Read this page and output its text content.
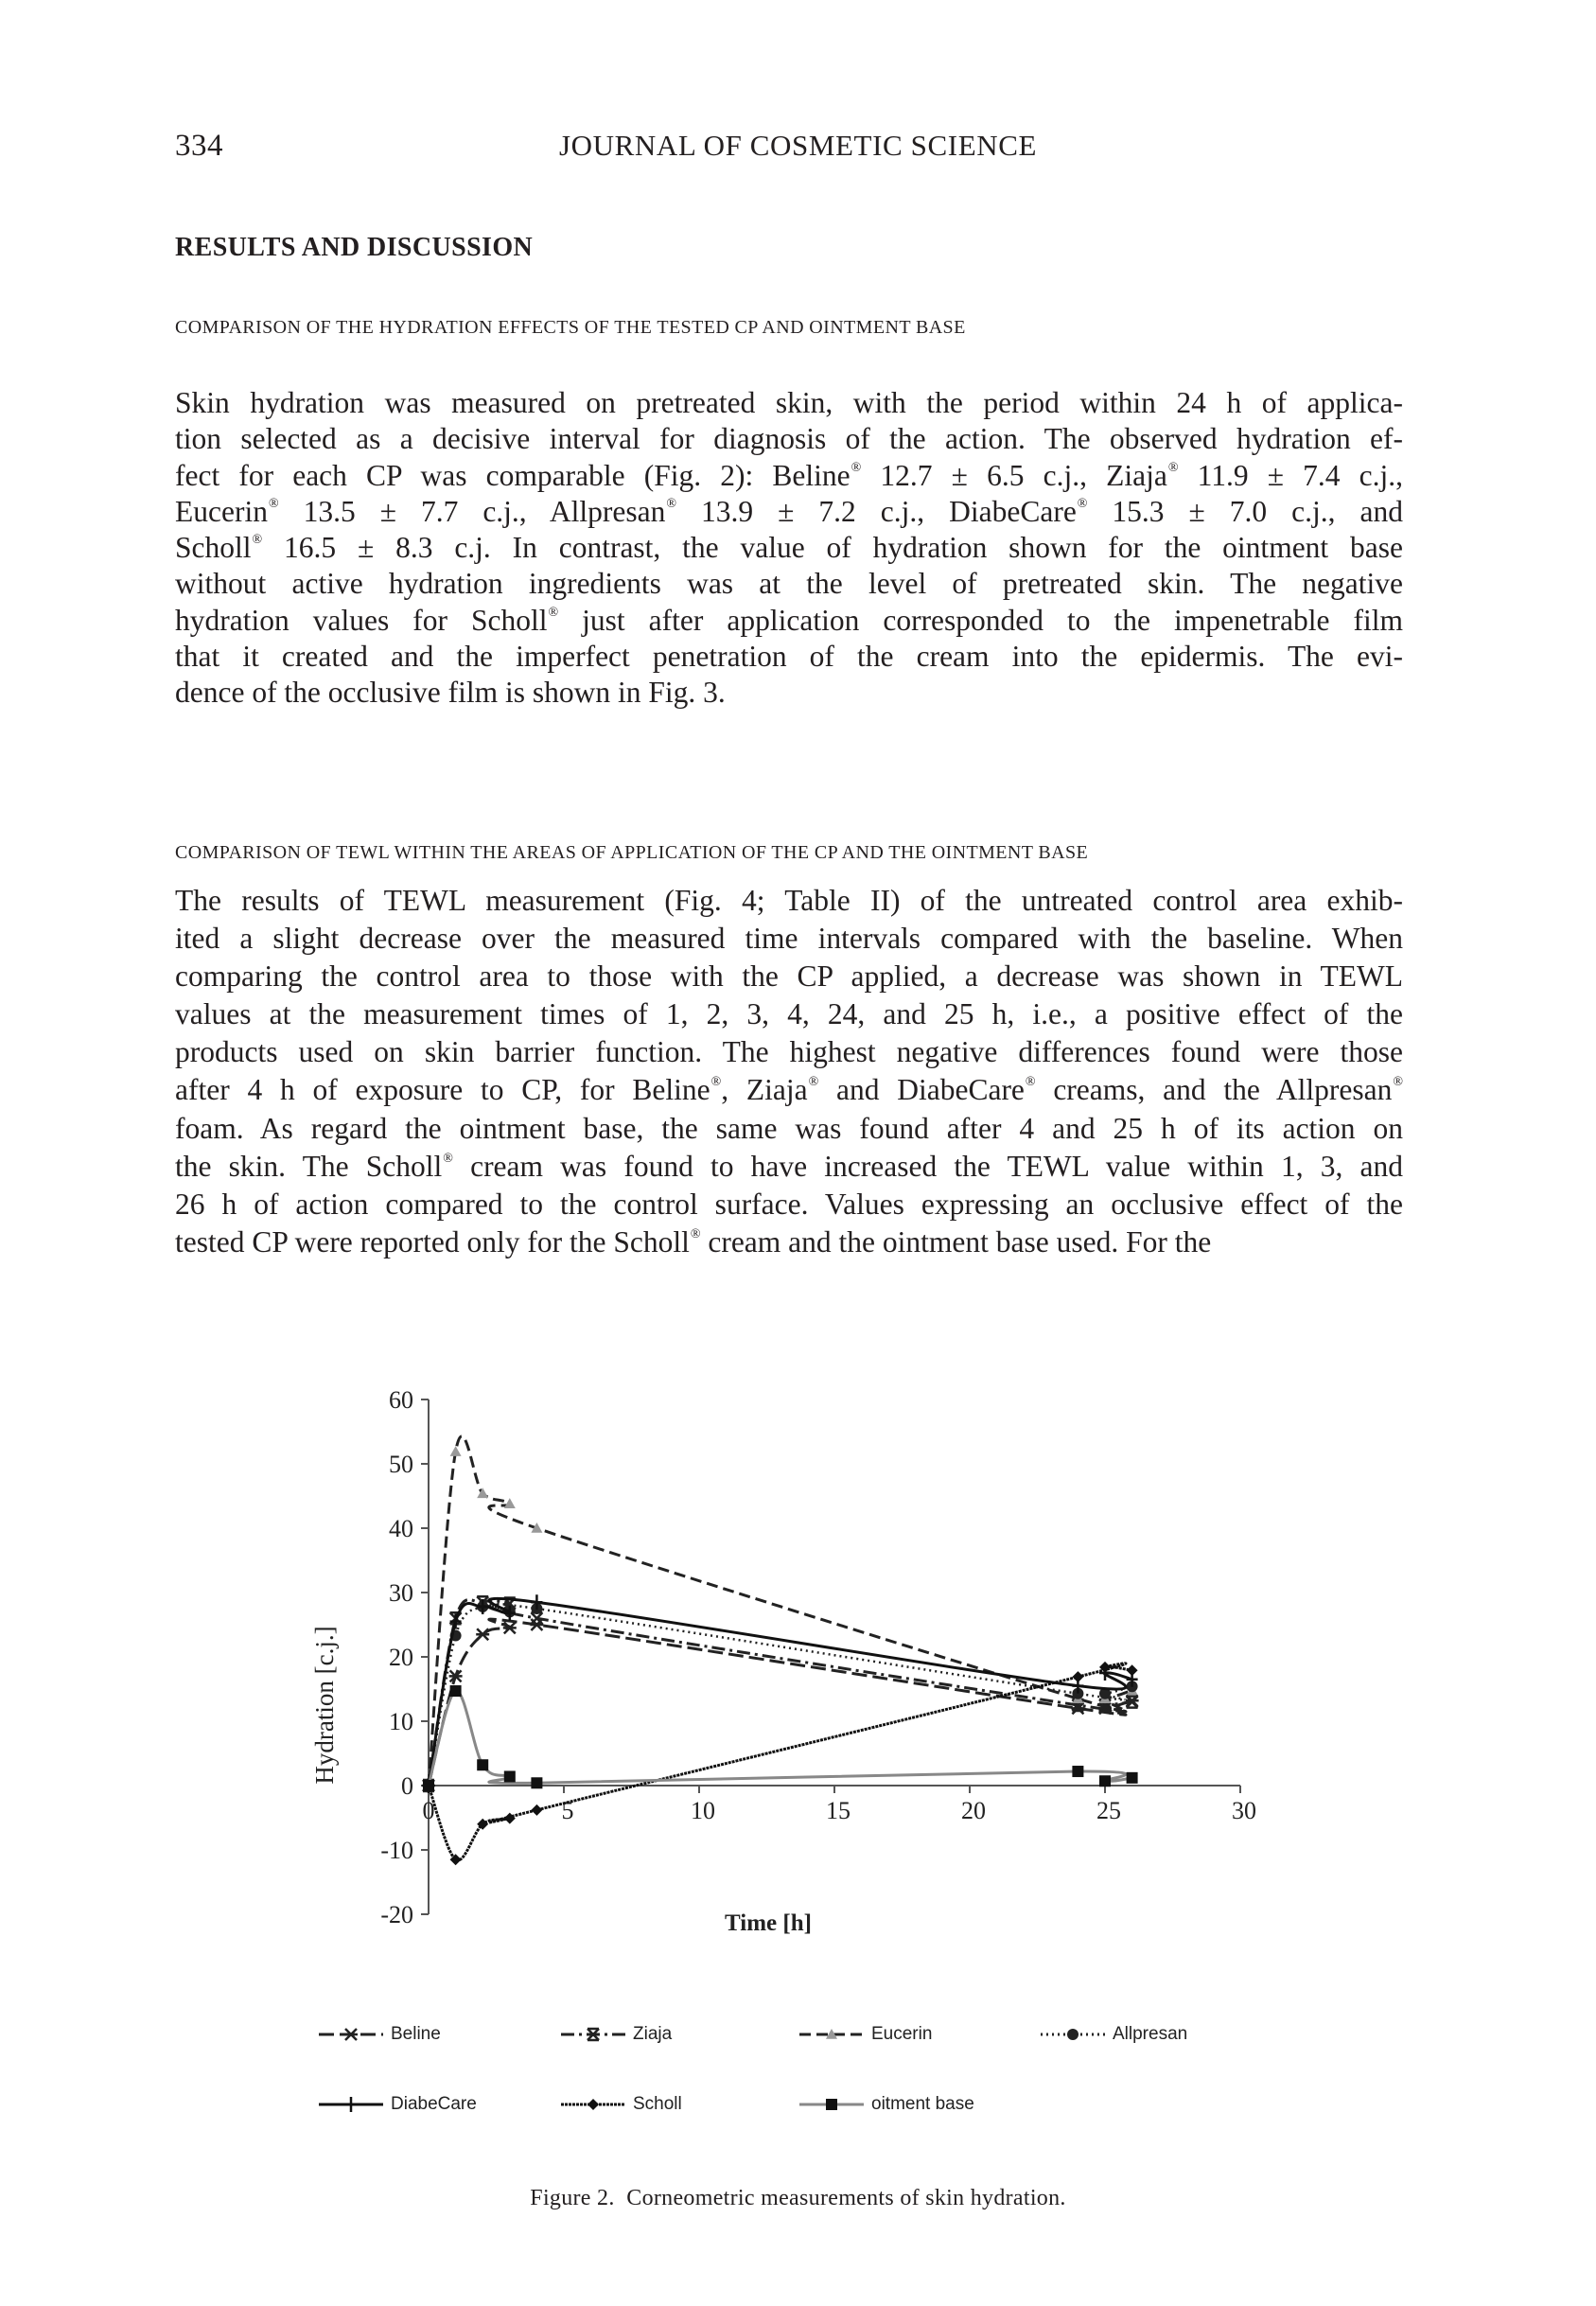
334	JOURNAL OF COSMETIC SCIENCE
RESULTS AND DISCUSSION
COMPARISON OF THE HYDRATION EFFECTS OF THE TESTED CP AND OINTMENT BASE
Skin hydration was measured on pretreated skin, with the period within 24 h of applica-
tion selected as a decisive interval for diagnosis of the action. The observed hydration ef-
fect for each CP was comparable (Fig. 2): Beline® 12.7 ± 6.5 c.j., Ziaja® 11.9 ± 7.4 c.j.,
Eucerin® 13.5 ± 7.7 c.j., Allpresan® 13.9 ± 7.2 c.j., DiabeCare® 15.3 ± 7.0 c.j., and
Scholl® 16.5 ± 8.3 c.j. In contrast, the value of hydration shown for the ointment base
without active hydration ingredients was at the level of pretreated skin. The negative
hydration values for Scholl® just after application corresponded to the impenetrable film
that it created and the imperfect penetration of the cream into the epidermis. The evi-
dence of the occlusive film is shown in Fig. 3.
COMPARISON OF TEWL WITHIN THE AREAS OF APPLICATION OF THE CP AND THE OINTMENT BASE
The results of TEWL measurement (Fig. 4; Table II) of the untreated control area exhib-
ited a slight decrease over the measured time intervals compared with the baseline. When
comparing the control area to those with the CP applied, a decrease was shown in TEWL
values at the measurement times of 1, 2, 3, 4, 24, and 25 h, i.e., a positive effect of the
products used on skin barrier function. The highest negative differences found were those
after 4 h of exposure to CP, for Beline®, Ziaja® and DiabeCare® creams, and the Allpresan®
foam. As regard the ointment base, the same was found after 4 and 25 h of its action on
the skin. The Scholl® cream was found to have increased the TEWL value within 1, 3, and
26 h of action compared to the control surface. Values expressing an occlusive effect of the
tested CP were reported only for the Scholl® cream and the ointment base used. For the
-20
-10
0
10
20
30
40
50
60
0	5	10	15	20	25	30
Time [h]
Hydration [c.j.]
Beline	Ziaja	Eucerin	Allpresan
DiabeCare	Scholl	oitment base
Figure 2. Corneometric measurements of skin hydration.
